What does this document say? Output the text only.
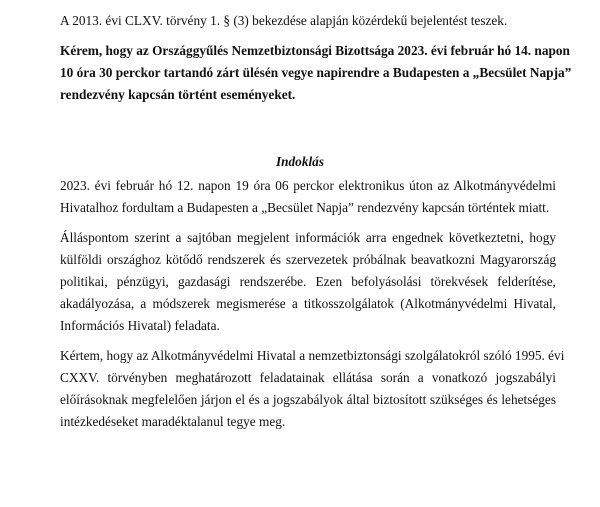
A 2013. évi CLXV. törvény 1. § (3) bekezdése alapján közérdekű bejelentést teszek.

Kérem, hogy az Országgyűlés Nemzetbiztonsági Bizottsága 2023. évi február hó 14. napon
10 óra 30 perckor tartandó zárt ülésén vegye napirendre a Budapesten a „Becsület Napja”
rendezvény kapcsán történt eseményeket.

Indoklás

2023. évi február hó 12. napon 19 óra 06 perckor elektronikus úton az Alkotmányvédelmi
Hivatalhoz fordultam a Budapesten a „Becsület Napja” rendezvény kapcsán történtek miatt.

Álláspontom szerint a sajtóban megjelent információk arra engednek következtetni, hogy
külföldi országhoz kötődő rendszerek és szervezetek próbálnak beavatkozni Magyarország
politikai, pénzügyi, gazdasági rendszerébe. Ezen befolyásolási törekvések felderítése,
akadályozása, a módszerek megismerése a titkosszolgálatok (Alkotmányvédelmi Hivatal,
Információs Hivatal) feladata.

Kértem, hogy az Alkotmányvédelmi Hivatal a nemzetbiztonsági szolgálatokról szóló 1995. évi
CXXV. törvényben meghatározott feladatainak ellátása során a vonatkozó jogszabályi
előírásoknak megfelelően járjon el és a jogszabályok által biztosított szükséges és lehetséges
intézkedéseket maradéktalanul tegye meg.
